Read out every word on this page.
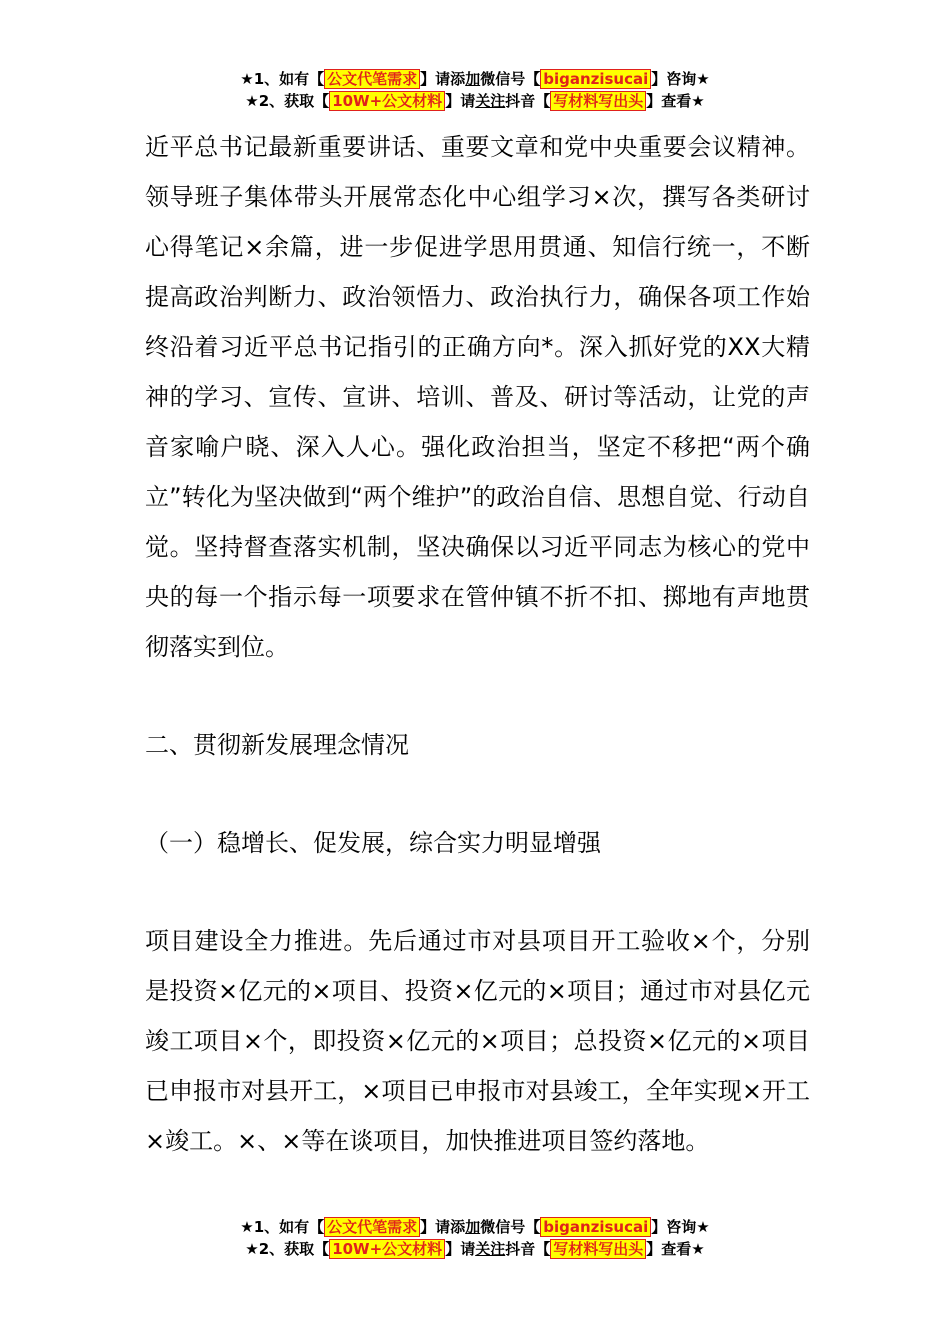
★1、如有【 公文代笔需求 】请添加微信号【 biganzisucai 】咨询★
★2、获取【 10W+公文材料 】请关注抖音【 写材料写出头 】查看★

近平总书记最新重要讲话、重要文章和党中央重要会议精神。领导班子集体带头开展常态化中心组学习×次，撰写各类研讨心得笔记×余篇，进一步促进学思用贯通、知信行统一，不断提高政治判断力、政治领悟力、政治执行力，确保各项工作始终沿着习近平总书记指引的正确方向*。深入抓好党的XX大精神的学习、宣传、宣讲、培训、普及、研讨等活动，让党的声音家喻户晓、深入人心。强化政治担当，坚定不移把“两个确立”转化为坚决做到“两个维护”的政治自信、思想自觉、行动自觉。坚持督查落实机制，坚决确保以习近平同志为核心的党中央的每一个指示每一项要求在管仲镇不折不扣、掷地有声地贯彻落实到位。

二、贯彻新发展理念情况

（一）稳增长、促发展，综合实力明显增强

项目建设全力推进。先后通过市对县项目开工验收×个，分别是投资×亿元的×项目、投资×亿元的×项目；通过市对县亿元竣工项目×个，即投资×亿元的×项目；总投资×亿元的×项目已申报市对县开工，×项目已申报市对县竣工，全年实现×开工×竣工。×、×等在谈项目，加快推进项目签约落地。

★1、如有【 公文代笔需求 】请添加微信号【 biganzisucai 】咨询★
★2、获取【 10W+公文材料 】请关注抖音【 写材料写出头 】查看★
